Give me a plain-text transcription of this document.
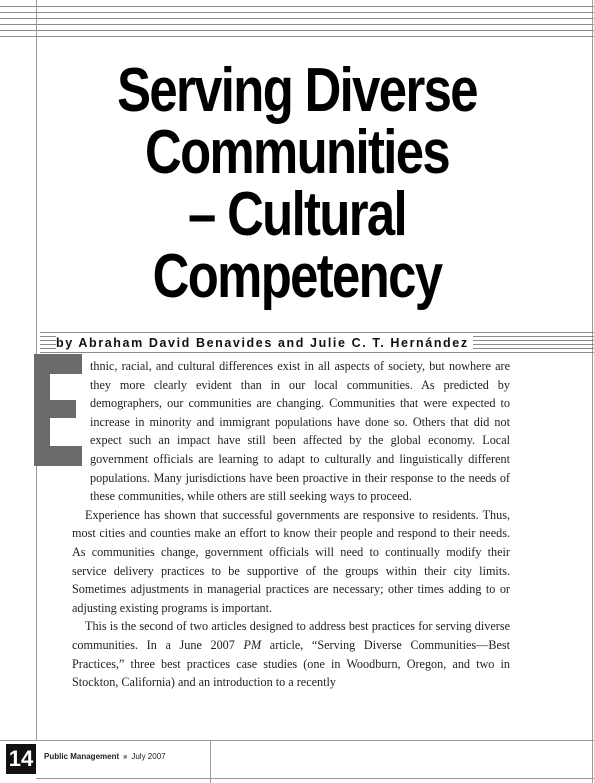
Serving Diverse
Communities
– Cultural
Competency
by Abraham David Benavides and Julie C. T. Hernández

thnic, racial, and cultural differences exist in all aspects of society, but nowhere are they more clearly evident than in our local communities. As predicted by demographers, our communities are changing. Communities that were expected to increase in minority and immigrant populations have done so. Others that did not expect such an impact have still been affected by the global economy. Local government officials are learning to adapt to culturally and linguistically different populations. Many jurisdictions have been proactive in their response to the needs of these communities, while others are still seeking ways to proceed.

Experience has shown that successful governments are responsive to residents. Thus, most cities and counties make an effort to know their people and respond to their needs. As communities change, government officials will need to continually modify their service delivery practices to be supportive of the groups within their city limits. Sometimes adjustments in managerial practices are necessary; other times adding to or adjusting existing programs is important.

This is the second of two articles designed to address best practices for serving diverse communities. In a June 2007 PM article, “Serving Diverse Communities—Best Practices,” three best practices case studies (one in Woodburn, Oregon, and two in Stockton, California) and an introduction to a recently

14	Public Management ■ July 2007
